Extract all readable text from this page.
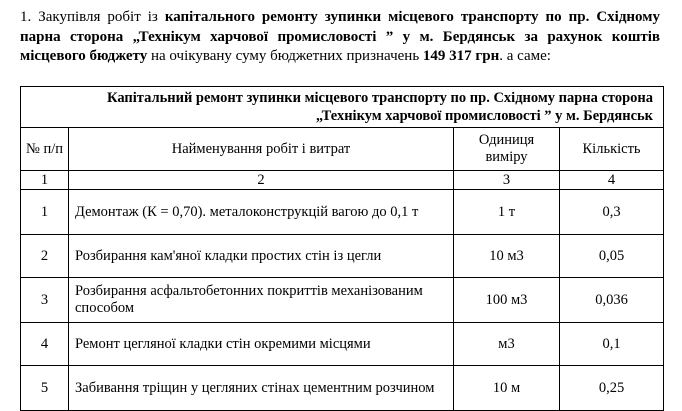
1. Закупівля робіт із капітального ремонту зупинки місцевого транспорту по пр. Східному парна сторона „Технікум харчової промисловості ” у м. Бердянськ за рахунок коштів місцевого бюджету на очікувану суму бюджетних призначень 149 317 грн. а саме:
Капітальний ремонт зупинки місцевого транспорту по пр. Східному парна сторона
„Технікум харчової промисловості ” у м. Бердянськ			
№ п/п	Найменування робіт і витрат	Одиниця виміру	Кількість
1	2	3	4
1	Демонтаж (К = 0,70). металоконструкцій вагою до 0,1 т	1 т	0,3
2	Розбирання кам'яної кладки простих стін із цегли	10 м3	0,05
3	Розбирання асфальтобетонних покриттів механізованим способом	100 м3	0,036
4	Ремонт цегляної кладки стін окремими місцями	м3	0,1
5	Забивання тріщин у цегляних стінах цементним розчином	10 м	0,25
